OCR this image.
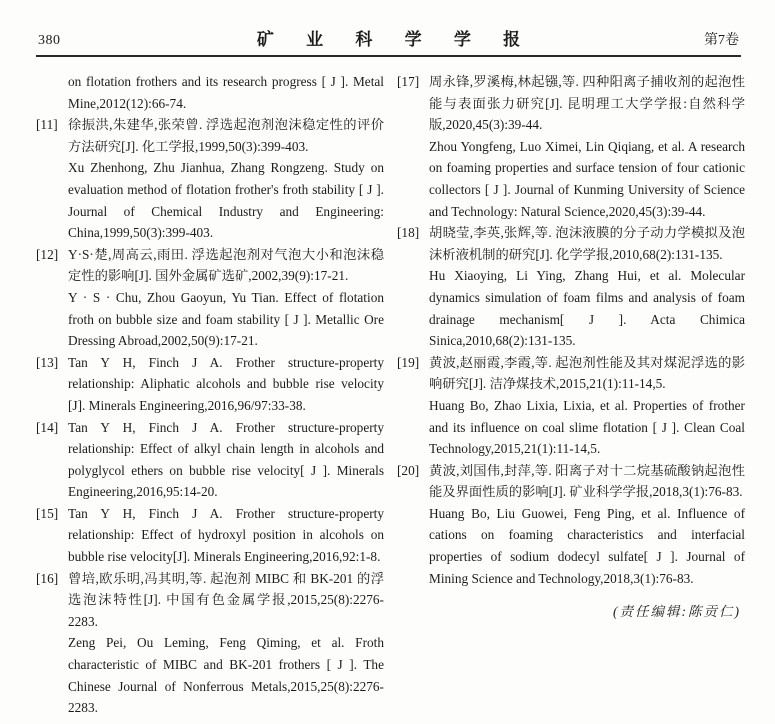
380	矿 业 科 学 学 报	第7卷

on flotation frothers and its research progress [ J ]. Metal Mine,2012(12):66-74.

[11] 徐振洪,朱建华,张荣曾. 浮选起泡剂泡沫稳定性的评价方法研究[J]. 化工学报,1999,50(3):399-403.

Xu Zhenhong, Zhu Jianhua, Zhang Rongzeng. Study on evaluation method of flotation frother's froth stability [ J ]. Journal of Chemical Industry and Engineering: China,1999,50(3):399-403.

[12] Y·S·楚,周高云,雨田. 浮选起泡剂对气泡大小和泡沫稳定性的影响[J]. 国外金属矿选矿,2002,39(9):17-21.

Y · S · Chu, Zhou Gaoyun, Yu Tian. Effect of flotation froth on bubble size and foam stability [ J ]. Metallic Ore Dressing Abroad,2002,50(9):17-21.

[13] Tan Y H, Finch J A. Frother structure-property relationship: Aliphatic alcohols and bubble rise velocity [J]. Minerals Engineering,2016,96/97:33-38.

[14] Tan Y H, Finch J A. Frother structure-property relationship: Effect of alkyl chain length in alcohols and polyglycol ethers on bubble rise velocity[ J ]. Minerals Engineering,2016,95:14-20.

[15] Tan Y H, Finch J A. Frother structure-property relationship: Effect of hydroxyl position in alcohols on bubble rise velocity[J]. Minerals Engineering,2016,92:1-8.

[16] 曾培,欧乐明,冯其明,等. 起泡剂 MIBC 和 BK-201 的浮选泡沫特性[J]. 中国有色金属学报,2015,25(8):2276-2283.

Zeng Pei, Ou Leming, Feng Qiming, et al. Froth characteristic of MIBC and BK-201 frothers [ J ]. The Chinese Journal of Nonferrous Metals,2015,25(8):2276-2283.

[17] 周永锋,罗溪梅,林起镪,等. 四种阳离子捕收剂的起泡性能与表面张力研究[J]. 昆明理工大学学报:自然科学版,2020,45(3):39-44.

Zhou Yongfeng, Luo Ximei, Lin Qiqiang, et al. A research on foaming properties and surface tension of four cationic collectors [ J ]. Journal of Kunming University of Science and Technology: Natural Science,2020,45(3):39-44.

[18] 胡晓莹,李英,张辉,等. 泡沫液膜的分子动力学模拟及泡沫析液机制的研究[J]. 化学学报,2010,68(2):131-135.

Hu Xiaoying, Li Ying, Zhang Hui, et al. Molecular dynamics simulation of foam films and analysis of foam drainage mechanism[ J ]. Acta Chimica Sinica,2010,68(2):131-135.

[19] 黄波,赵丽霞,李霞,等. 起泡剂性能及其对煤泥浮选的影响研究[J]. 洁净煤技术,2015,21(1):11-14,5.

Huang Bo, Zhao Lixia, Lixia, et al. Properties of frother and its influence on coal slime flotation [ J ]. Clean Coal Technology,2015,21(1):11-14,5.

[20] 黄波,刘国伟,封萍,等. 阳离子对十二烷基硫酸钠起泡性能及界面性质的影响[J]. 矿业科学学报,2018,3(1):76-83.

Huang Bo, Liu Guowei, Feng Ping, et al. Influence of cations on foaming characteristics and interfacial properties of sodium dodecyl sulfate[ J ]. Journal of Mining Science and Technology,2018,3(1):76-83.

(责任编辑:陈贡仁)
